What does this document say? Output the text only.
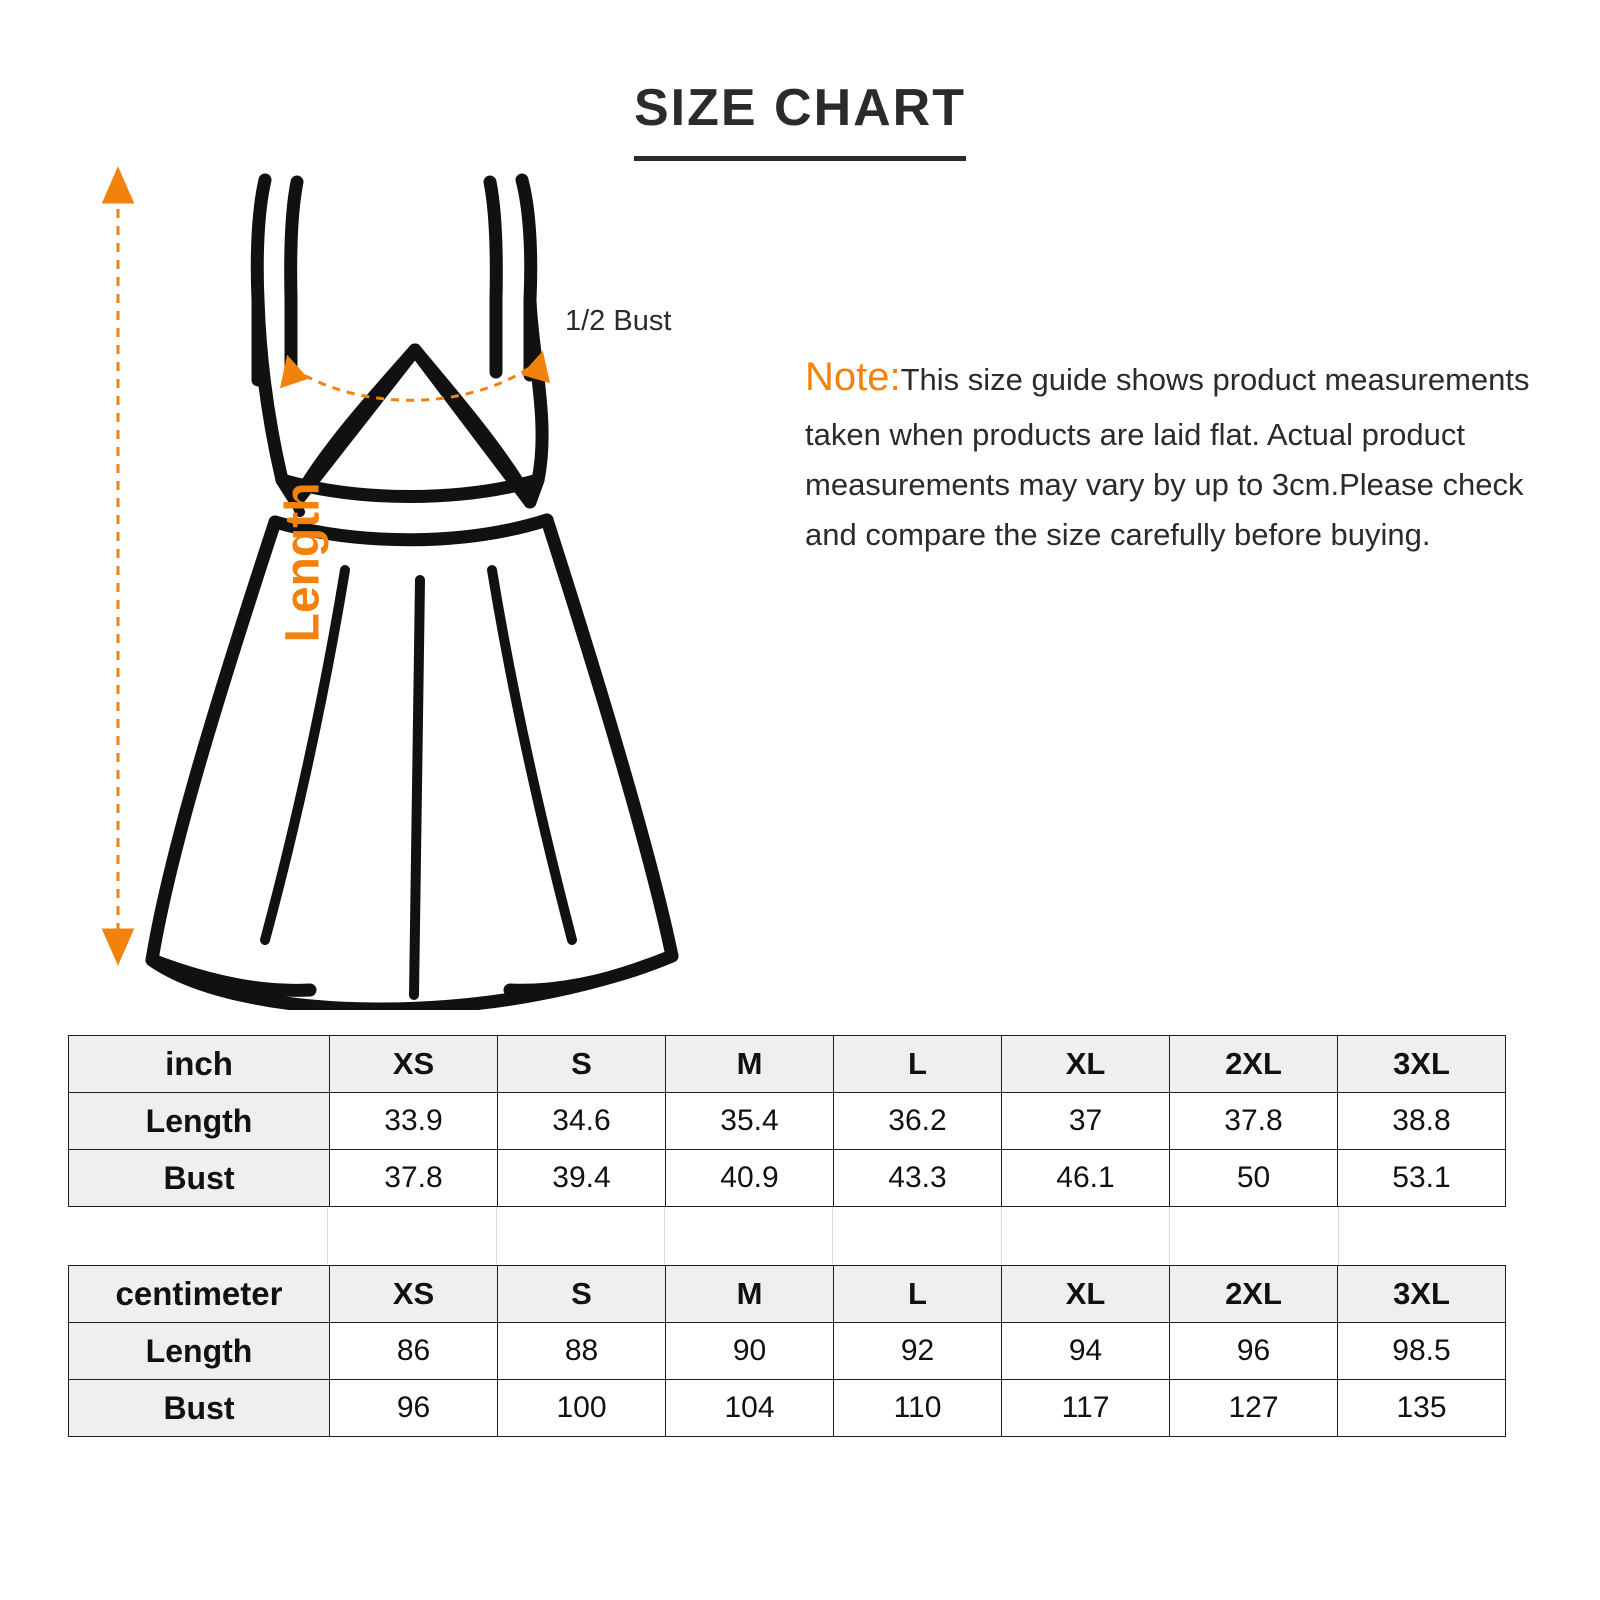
SIZE CHART
Length
1/2 Bust
Note:This size guide shows product measurements taken when products are laid flat. Actual product measurements may vary by up to 3cm.Please check and compare the size carefully before buying.
inch	XS	S	M	L	XL	2XL	3XL
Length	33.9	34.6	35.4	36.2	37	37.8	38.8
Bust	37.8	39.4	40.9	43.3	46.1	50	53.1
centimeter	XS	S	M	L	XL	2XL	3XL
Length	86	88	90	92	94	96	98.5
Bust	96	100	104	110	117	127	135
